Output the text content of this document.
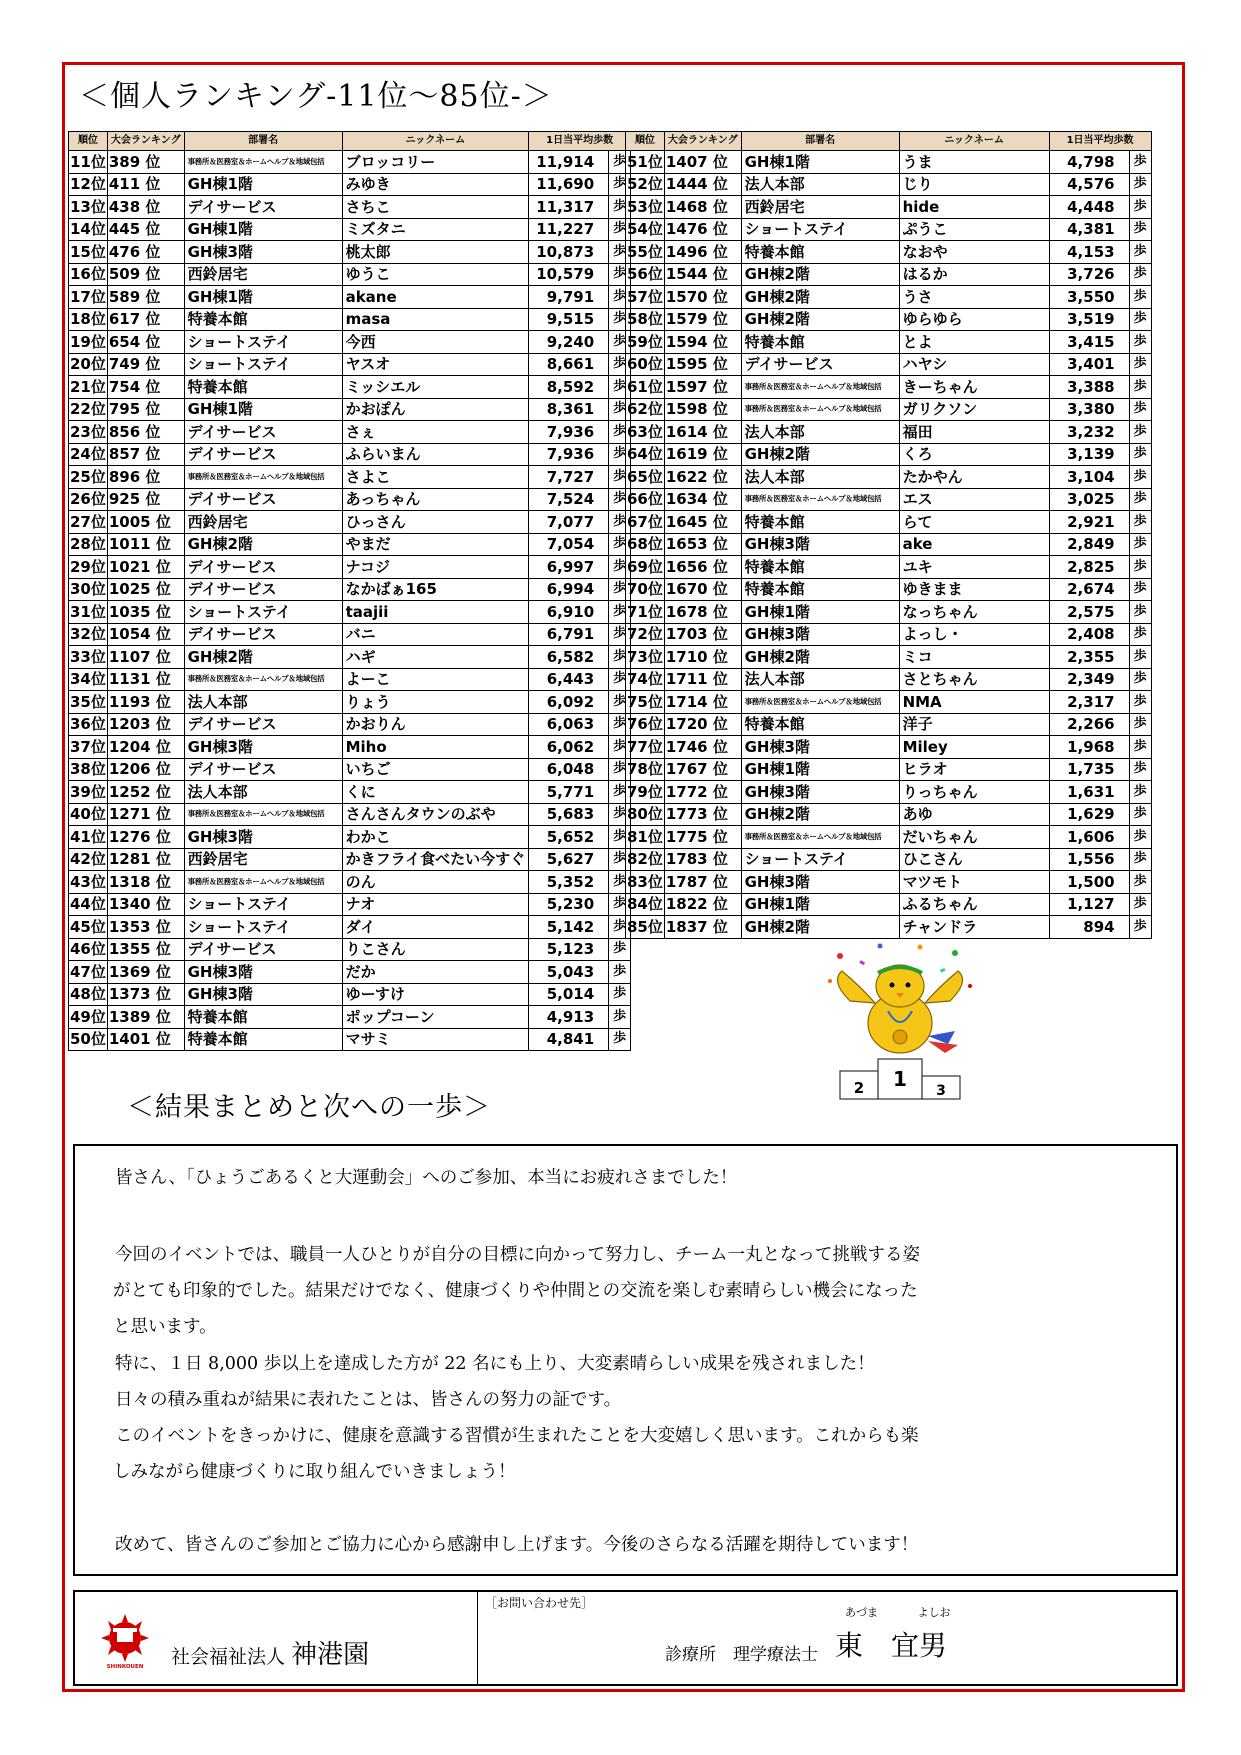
＜個人ランキング-11位～85位-＞
順位	大会ランキング	部署名	ニックネーム	1日当平均歩数	
11位	389 位	事務所＆医務室＆ホームヘルプ＆地域包括	ブロッコリー	11,914	歩
12位	411 位	GH棟1階	みゆき	11,690	歩
13位	438 位	デイサービス	さちこ	11,317	歩
14位	445 位	GH棟1階	ミズタニ	11,227	歩
15位	476 位	GH棟3階	桃太郎	10,873	歩
16位	509 位	西鈴居宅	ゆうこ	10,579	歩
17位	589 位	GH棟1階	akane	9,791	歩
18位	617 位	特養本館	masa	9,515	歩
19位	654 位	ショートステイ	今西	9,240	歩
20位	749 位	ショートステイ	ヤスオ	8,661	歩
21位	754 位	特養本館	ミッシエル	8,592	歩
22位	795 位	GH棟1階	かおぽん	8,361	歩
23位	856 位	デイサービス	さぇ	7,936	歩
24位	857 位	デイサービス	ふらいまん	7,936	歩
25位	896 位	事務所＆医務室＆ホームヘルプ＆地域包括	さよこ	7,727	歩
26位	925 位	デイサービス	あっちゃん	7,524	歩
27位	1005 位	西鈴居宅	ひっさん	7,077	歩
28位	1011 位	GH棟2階	やまだ	7,054	歩
29位	1021 位	デイサービス	ナコジ	6,997	歩
30位	1025 位	デイサービス	なかばぁ165	6,994	歩
31位	1035 位	ショートステイ	taajii	6,910	歩
32位	1054 位	デイサービス	バニ	6,791	歩
33位	1107 位	GH棟2階	ハギ	6,582	歩
34位	1131 位	事務所＆医務室＆ホームヘルプ＆地域包括	よーこ	6,443	歩
35位	1193 位	法人本部	りょう	6,092	歩
36位	1203 位	デイサービス	かおりん	6,063	歩
37位	1204 位	GH棟3階	Miho	6,062	歩
38位	1206 位	デイサービス	いちご	6,048	歩
39位	1252 位	法人本部	くに	5,771	歩
40位	1271 位	事務所＆医務室＆ホームヘルプ＆地域包括	さんさんタウンのぶや	5,683	歩
41位	1276 位	GH棟3階	わかこ	5,652	歩
42位	1281 位	西鈴居宅	かきフライ食べたい今すぐ	5,627	歩
43位	1318 位	事務所＆医務室＆ホームヘルプ＆地域包括	のん	5,352	歩
44位	1340 位	ショートステイ	ナオ	5,230	歩
45位	1353 位	ショートステイ	ダイ	5,142	歩
46位	1355 位	デイサービス	りこさん	5,123	歩
47位	1369 位	GH棟3階	だか	5,043	歩
48位	1373 位	GH棟3階	ゆーすけ	5,014	歩
49位	1389 位	特養本館	ポップコーン	4,913	歩
50位	1401 位	特養本館	マサミ	4,841	歩
順位	大会ランキング	部署名	ニックネーム	1日当平均歩数	
51位	1407 位	GH棟1階	うま	4,798	歩
52位	1444 位	法人本部	じり	4,576	歩
53位	1468 位	西鈴居宅	hide	4,448	歩
54位	1476 位	ショートステイ	ぷうこ	4,381	歩
55位	1496 位	特養本館	なおや	4,153	歩
56位	1544 位	GH棟2階	はるか	3,726	歩
57位	1570 位	GH棟2階	うさ	3,550	歩
58位	1579 位	GH棟2階	ゆらゆら	3,519	歩
59位	1594 位	特養本館	とよ	3,415	歩
60位	1595 位	デイサービス	ハヤシ	3,401	歩
61位	1597 位	事務所＆医務室＆ホームヘルプ＆地域包括	きーちゃん	3,388	歩
62位	1598 位	事務所＆医務室＆ホームヘルプ＆地域包括	ガリクソン	3,380	歩
63位	1614 位	法人本部	福田	3,232	歩
64位	1619 位	GH棟2階	くろ	3,139	歩
65位	1622 位	法人本部	たかやん	3,104	歩
66位	1634 位	事務所＆医務室＆ホームヘルプ＆地域包括	エス	3,025	歩
67位	1645 位	特養本館	らて	2,921	歩
68位	1653 位	GH棟3階	ake	2,849	歩
69位	1656 位	特養本館	ユキ	2,825	歩
70位	1670 位	特養本館	ゆきまま	2,674	歩
71位	1678 位	GH棟1階	なっちゃん	2,575	歩
72位	1703 位	GH棟3階	よっし・	2,408	歩
73位	1710 位	GH棟2階	ミコ	2,355	歩
74位	1711 位	法人本部	さとちゃん	2,349	歩
75位	1714 位	事務所＆医務室＆ホームヘルプ＆地域包括	NMA	2,317	歩
76位	1720 位	特養本館	洋子	2,266	歩
77位	1746 位	GH棟3階	Miley	1,968	歩
78位	1767 位	GH棟1階	ヒラオ	1,735	歩
79位	1772 位	GH棟3階	りっちゃん	1,631	歩
80位	1773 位	GH棟2階	あゆ	1,629	歩
81位	1775 位	事務所＆医務室＆ホームヘルプ＆地域包括	だいちゃん	1,606	歩
82位	1783 位	ショートステイ	ひこさん	1,556	歩
83位	1787 位	GH棟3階	マツモト	1,500	歩
84位	1822 位	GH棟1階	ふるちゃん	1,127	歩
85位	1837 位	GH棟2階	チャンドラ	894	歩
1
2	3
＜結果まとめと次への一歩＞
皆さん、「ひょうごあるくと大運動会」へのご参加、本当にお疲れさまでした！
今回のイベントでは、職員一人ひとりが自分の目標に向かって努力し、チーム一丸となって挑戦する姿
がとても印象的でした。結果だけでなく、健康づくりや仲間との交流を楽しむ素晴らしい機会になった
と思います。
特に、１日 8,000 歩以上を達成した方が 22 名にも上り、大変素晴らしい成果を残されました！
日々の積み重ねが結果に表れたことは、皆さんの努力の証です。
このイベントをきっかけに、健康を意識する習慣が生まれたことを大変嬉しく思います。これからも楽
しみながら健康づくりに取り組んでいきましょう！
改めて、皆さんのご参加とご協力に心から感謝申し上げます。今後のさらなる活躍を期待しています！
SHINKOUEN 社会福祉法人 神港園
［お問い合わせ先］
診療所　理学療法士
あづま	よしお
東　宜男
